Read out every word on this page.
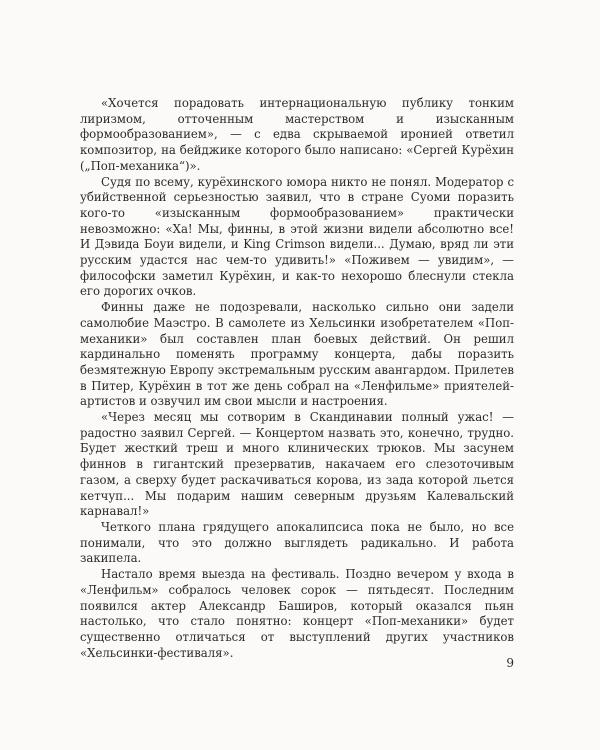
«Хочется порадовать интернациональную публику тонким лиризмом, отточенным мастерством и изысканным формообразованием», — с едва скрываемой иронией ответил композитор, на бейджике которого было написано: «Сергей Курёхин („Поп-механика“)».

Судя по всему, курёхинского юмора никто не понял. Модератор с убийственной серьезностью заявил, что в стране Суоми поразить кого-то «изысканным формообразованием» практически невозможно: «Ха! Мы, финны, в этой жизни видели абсолютно все! И Дэвида Боуи видели, и King Crimson видели... Думаю, вряд ли эти русским удастся нас чем-то удивить!» «Поживем — увидим», — философски заметил Курёхин, и как-то нехорошо блеснули стекла его дорогих очков.

Финны даже не подозревали, насколько сильно они задели самолюбие Маэстро. В самолете из Хельсинки изобретателем «Поп-механики» был составлен план боевых действий. Он решил кардинально поменять программу концерта, дабы поразить безмятежную Европу экстремальным русским авангардом. Прилетев в Питер, Курёхин в тот же день собрал на «Ленфильме» приятелей-артистов и озвучил им свои мысли и настроения.

«Через месяц мы сотворим в Скандинавии полный ужас! — радостно заявил Сергей. — Концертом назвать это, конечно, трудно. Будет жесткий треш и много клинических трюков. Мы засунем финнов в гигантский презерватив, накачаем его слезоточивым газом, а сверху будет раскачиваться корова, из зада которой льется кетчуп... Мы подарим нашим северным друзьям Калевальский карнавал!»

Четкого плана грядущего апокалипсиса пока не было, но все понимали, что это должно выглядеть радикально. И работа закипела.

Настало время выезда на фестиваль. Поздно вечером у входа в «Ленфильм» собралось человек сорок — пятьдесят. Последним появился актер Александр Баширов, который оказался пьян настолько, что стало понятно: концерт «Поп-механики» будет существенно отличаться от выступлений других участников «Хельсинки-фестиваля».

9
